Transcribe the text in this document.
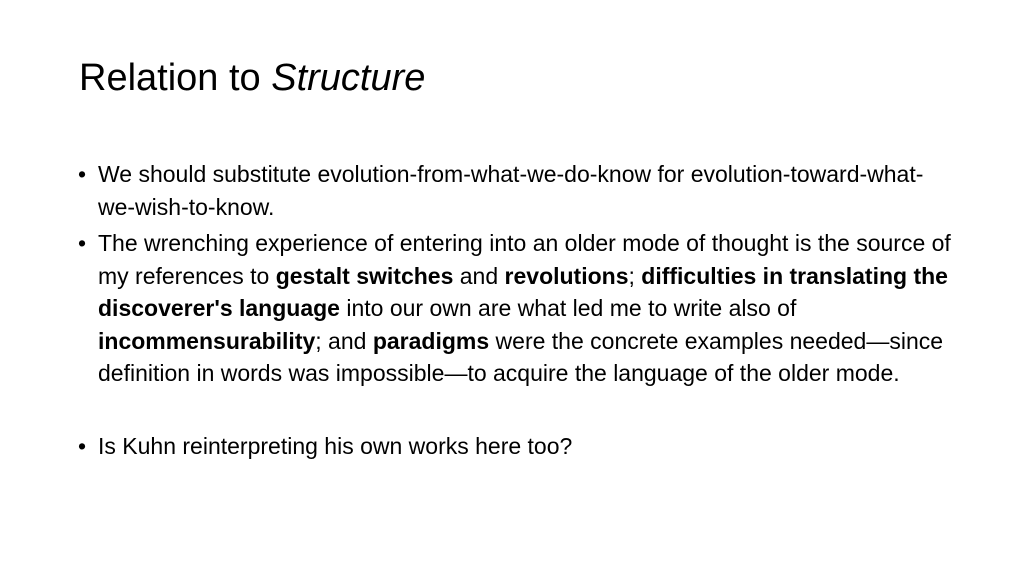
Relation to Structure
• We should substitute evolution-from-what-we-do-know for evolution-toward-what-we-wish-to-know.
• The wrenching experience of entering into an older mode of thought is the source of my references to gestalt switches and revolutions; difficulties in translating the discoverer's language into our own are what led me to write also of incommensurability; and paradigms were the concrete examples needed—since definition in words was impossible—to acquire the language of the older mode.
• Is Kuhn reinterpreting his own works here too?
